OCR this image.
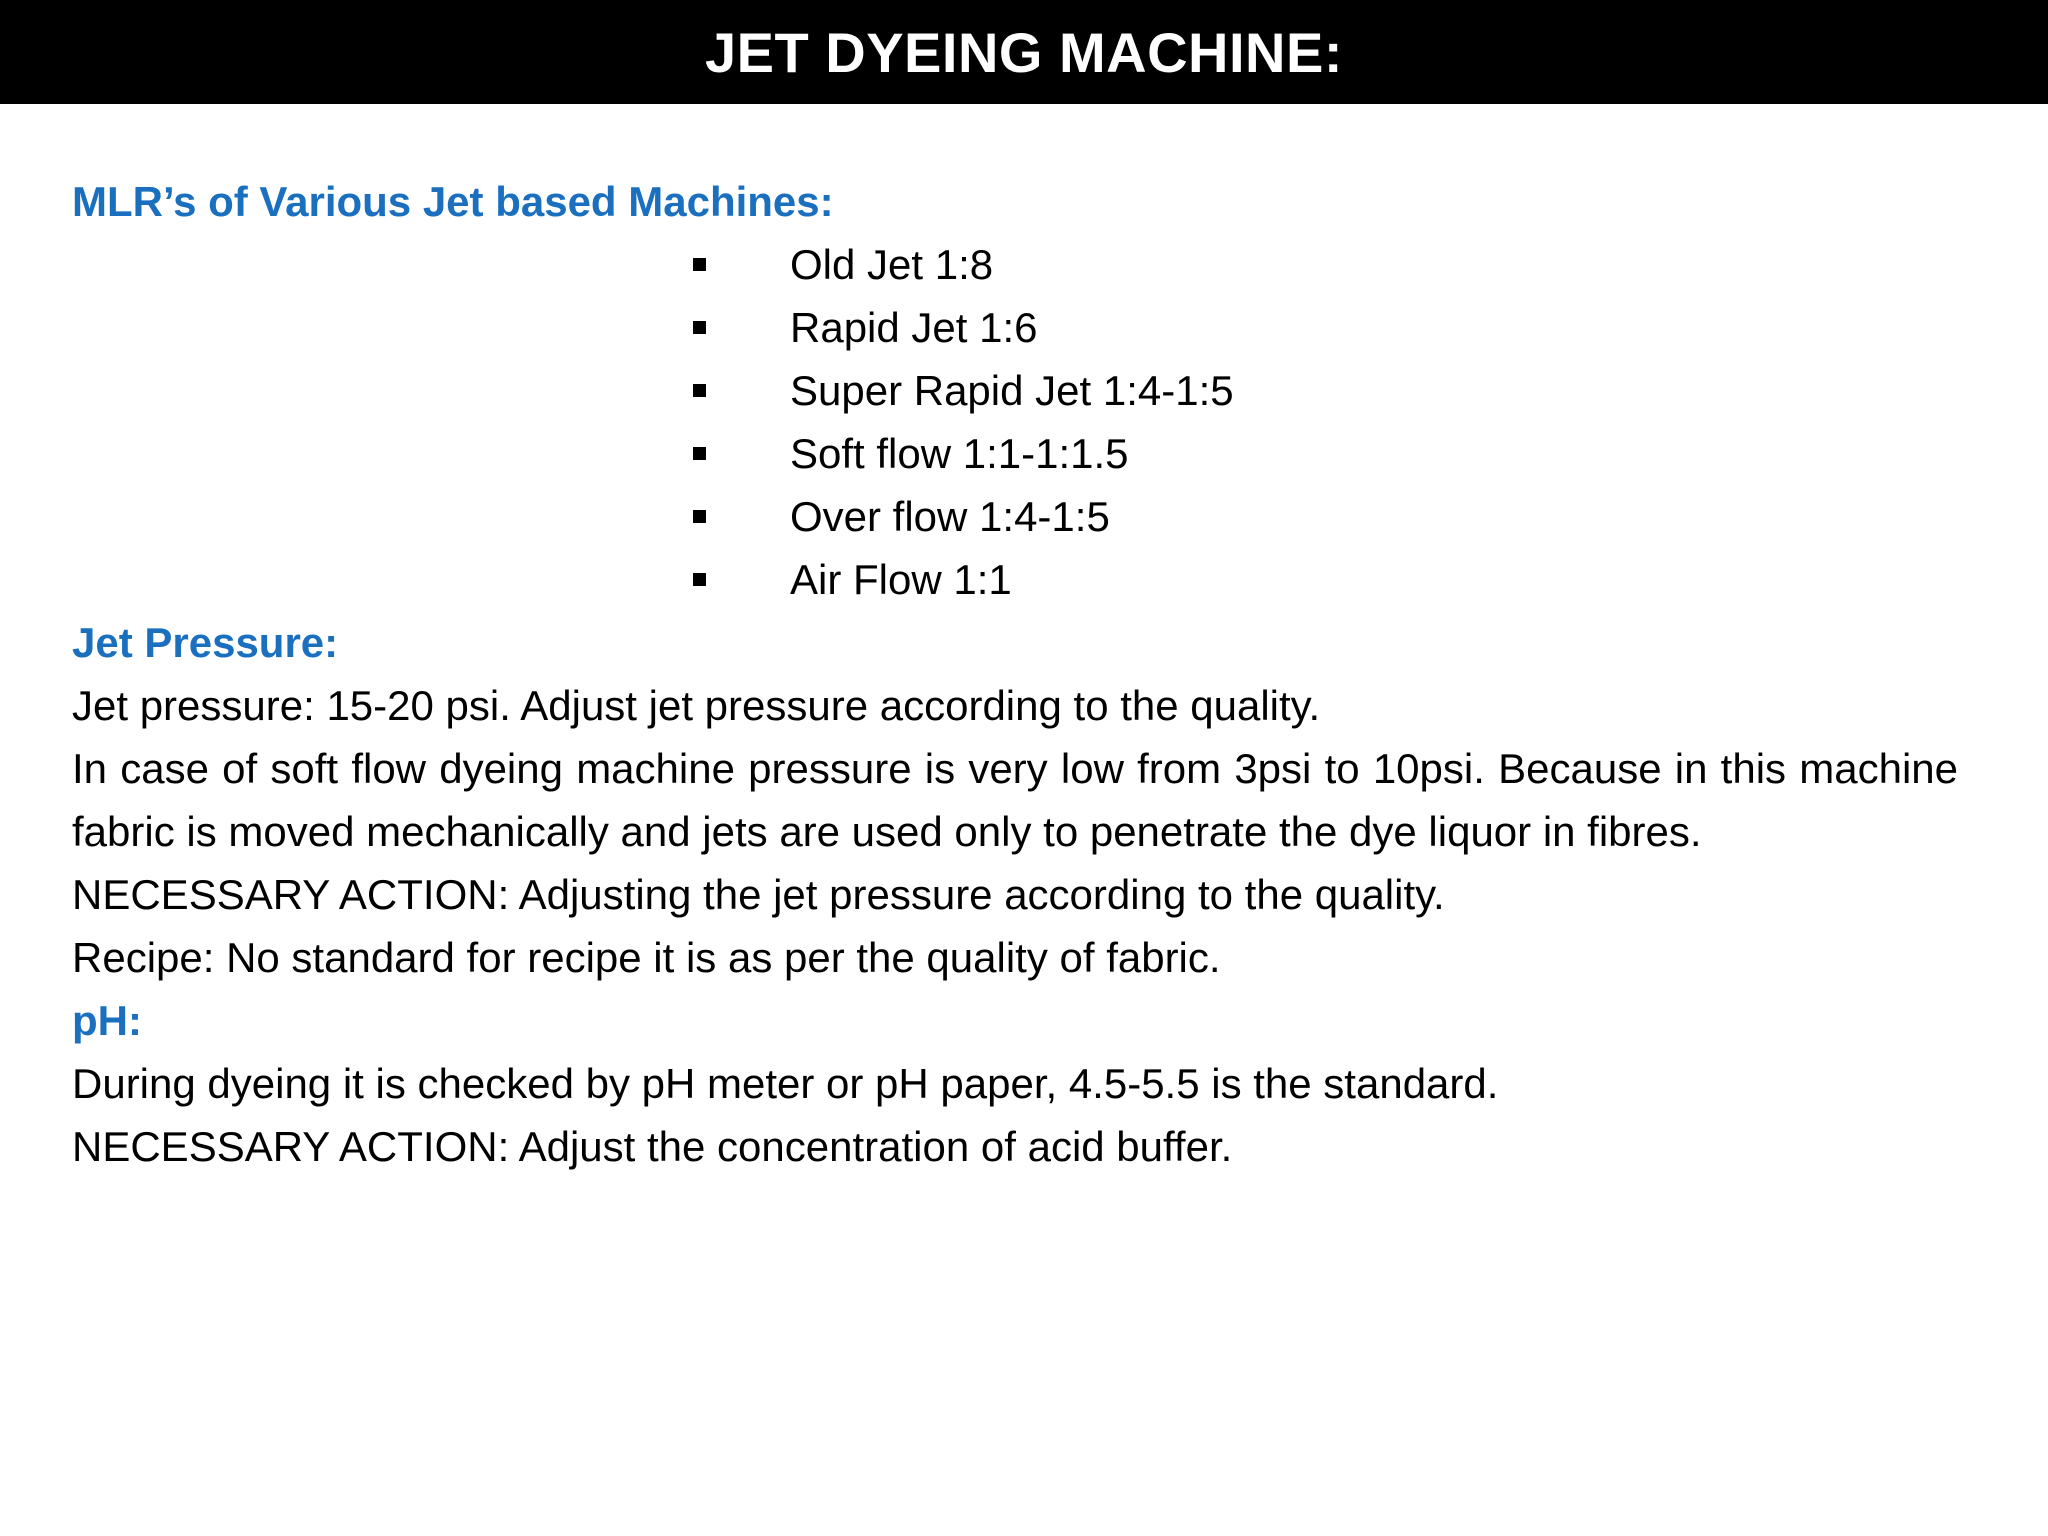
JET DYEING MACHINE:

MLR’s of Various Jet based Machines:

Old Jet 1:8
Rapid Jet 1:6
Super Rapid Jet 1:4-1:5
Soft flow 1:1-1:1.5
Over flow 1:4-1:5
Air Flow 1:1

Jet Pressure:

Jet pressure: 15-20 psi. Adjust jet pressure according to the quality.

In case of soft flow dyeing machine pressure is very low from 3psi to 10psi. Because in this machine fabric is moved mechanically and jets are used only to penetrate the dye liquor in fibres.

NECESSARY ACTION: Adjusting the jet pressure according to the quality.

Recipe: No standard for recipe it is as per the quality of fabric.

pH:

During dyeing it is checked by pH meter or pH paper, 4.5-5.5 is the standard.

NECESSARY ACTION: Adjust the concentration of acid buffer.
